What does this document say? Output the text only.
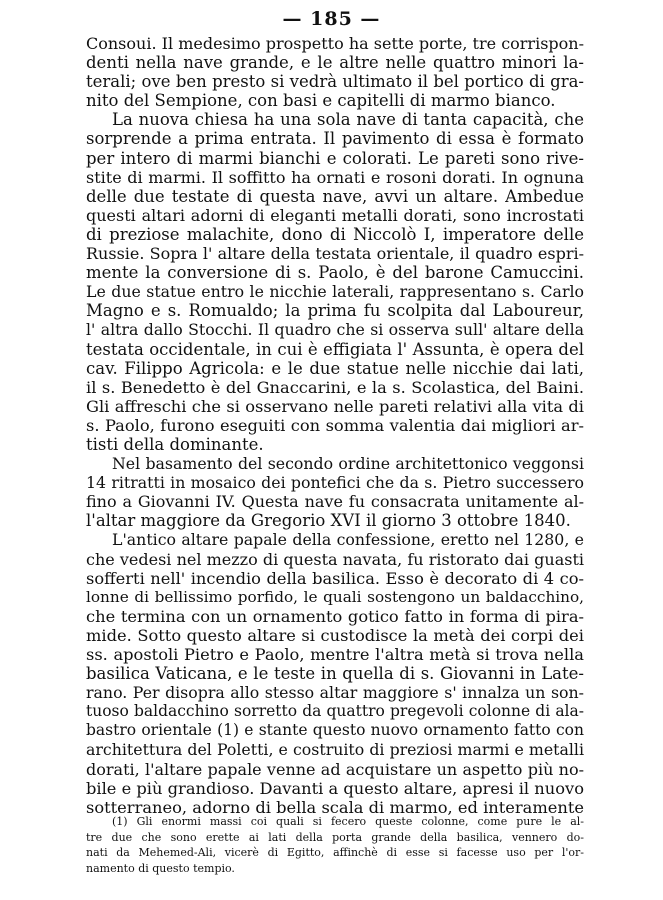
— 185 —
Consoui. Il medesimo prospetto ha sette porte, tre corrispon-
denti nella nave grande, e le altre nelle quattro minori la-
terali; ove ben presto si vedrà ultimato il bel portico di gra-
nito del Sempione, con basi e capitelli di marmo bianco.
La nuova chiesa ha una sola nave di tanta capacità, che
sorprende a prima entrata. Il pavimento di essa è formato
per intero di marmi bianchi e colorati. Le pareti sono rive-
stite di marmi. Il soffitto ha ornati e rosoni dorati. In ognuna
delle due testate di questa nave, avvi un altare. Ambedue
questi altari adorni di eleganti metalli dorati, sono incrostati
di preziose malachite, dono di Niccolò I, imperatore delle
Russie. Sopra l' altare della testata orientale, il quadro espri-
mente la conversione di s. Paolo, è del barone Camuccini.
Le due statue entro le nicchie laterali, rappresentano s. Carlo
Magno e s. Romualdo; la prima fu scolpita dal Laboureur,
l' altra dallo Stocchi. Il quadro che si osserva sull' altare della
testata occidentale, in cui è effigiata l' Assunta, è opera del
cav. Filippo Agricola: e le due statue nelle nicchie dai lati,
il s. Benedetto è del Gnaccarini, e la s. Scolastica, del Baini.
Gli affreschi che si osservano nelle pareti relativi alla vita di
s. Paolo, furono eseguiti con somma valentia dai migliori ar-
tisti della dominante.
Nel basamento del secondo ordine architettonico veggonsi
14 ritratti in mosaico dei pontefici che da s. Pietro successero
fino a Giovanni IV. Questa nave fu consacrata unitamente al-
l'altar maggiore da Gregorio XVI il giorno 3 ottobre 1840.
L'antico altare papale della confessione, eretto nel 1280, e
che vedesi nel mezzo di questa navata, fu ristorato dai guasti
sofferti nell' incendio della basilica. Esso è decorato di 4 co-
lonne di bellissimo porfido, le quali sostengono un baldacchino,
che termina con un ornamento gotico fatto in forma di pira-
mide. Sotto questo altare si custodisce la metà dei corpi dei
ss. apostoli Pietro e Paolo, mentre l'altra metà si trova nella
basilica Vaticana, e le teste in quella di s. Giovanni in Late-
rano. Per disopra allo stesso altar maggiore s' innalza un son-
tuoso baldacchino sorretto da quattro pregevoli colonne di ala-
bastro orientale (1) e stante questo nuovo ornamento fatto con
architettura del Poletti, e costruito di preziosi marmi e metalli
dorati, l'altare papale venne ad acquistare un aspetto più no-
bile e più grandioso. Davanti a questo altare, apresi il nuovo
sotterraneo, adorno di bella scala di marmo, ed interamente
(1) Gli enormi massi coi quali si fecero queste colonne, come pure le al-
tre due che sono erette ai lati della porta grande della basilica, vennero do-
nati da Mehemed-Ali, vicerè di Egitto, affinchè di esse si facesse uso per l'or-
namento di questo tempio.
